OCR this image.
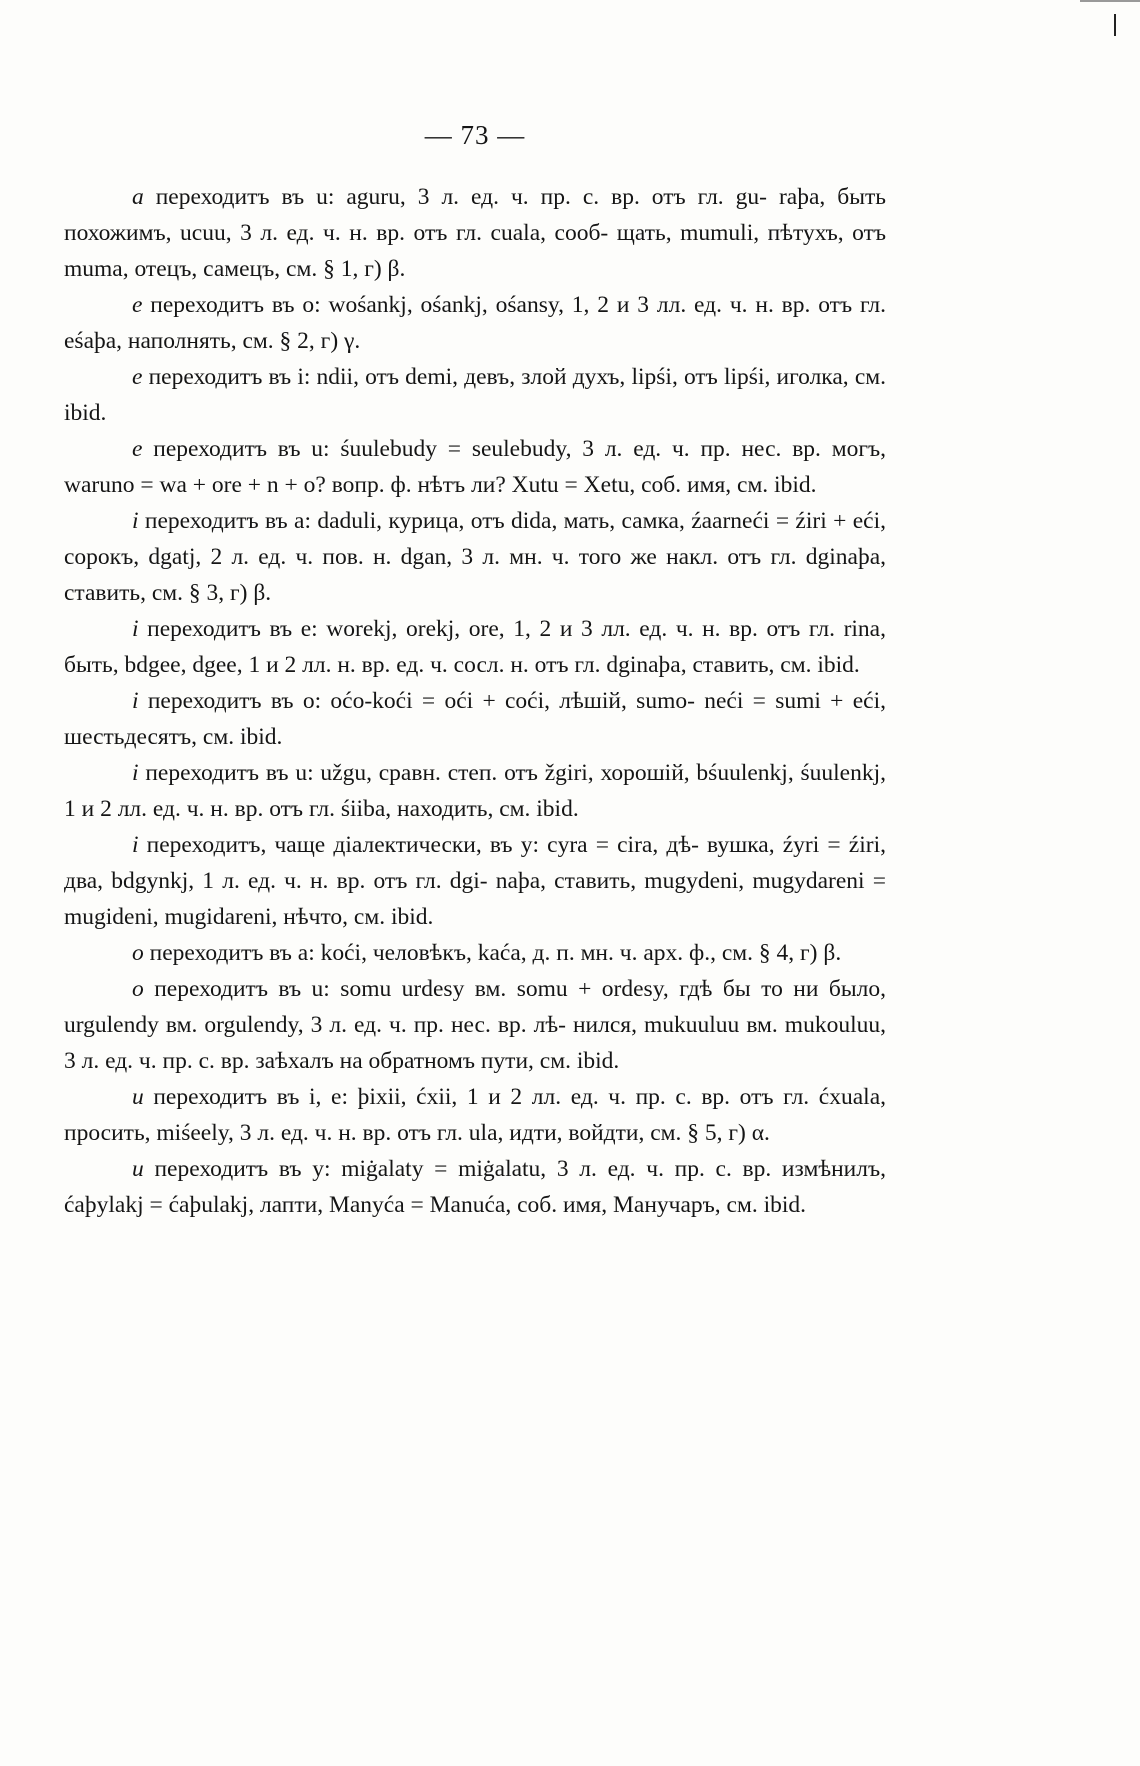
— 73 —

a переходитъ въ u: aguru, 3 л. ед. ч. пр. с. вр. отъ гл. gu- raþa, быть похожимъ, ucuu, 3 л. ед. ч. н. вр. отъ гл. cuala, сооб- щать, mumuli, пѣтухъ, отъ muma, отецъ, самецъ, см. § 1, г) β.

e переходитъ въ o: wośankj, ośankj, ośansy, 1, 2 и 3 лл. ед. ч. н. вр. отъ гл. eśaþa, наполнять, см. § 2, г) γ.

e переходитъ въ i: ndii, отъ demi, девъ, злой духъ, lipśi, отъ lipśi, иголка, см. ibid.

e переходитъ въ u: śuulebudy = seulebudy, 3 л. ед. ч. пр. нес. вр. могъ, waruno = wa + ore + n + o? вопр. ф. нѣтъ ли? Xutu = Xetu, соб. имя, см. ibid.

i переходитъ въ a: daduli, курица, отъ dida, мать, самка, źaarneći = źiri + eći, сорокъ, dgatj, 2 л. ед. ч. пов. н. dgan, 3 л. мн. ч. того же накл. отъ гл. dginaþa, ставить, см. § 3, г) β.

i переходитъ въ e: worekj, orekj, ore, 1, 2 и 3 лл. ед. ч. н. вр. отъ гл. rina, быть, bdgee, dgee, 1 и 2 лл. н. вр. ед. ч. сосл. н. отъ гл. dginaþa, ставить, см. ibid.

i переходитъ въ o: oćo-koći = oći + coći, лѣшій, sumo- neći = sumi + eći, шестьдесятъ, см. ibid.

i переходитъ въ u: užgu, сравн. степ. отъ žgiri, хорошій, bśuulenkj, śuulenkj, 1 и 2 лл. ед. ч. н. вр. отъ гл. śiiba, находить, см. ibid.

i переходитъ, чаще діалектически, въ y: cyra = cira, дѣ- вушка, źyri = źiri, два, bdgynkj, 1 л. ед. ч. н. вр. отъ гл. dgi- naþa, ставить, mugydeni, mugydareni = mugideni, mugidareni, нѣчто, см. ibid.

o переходитъ въ a: koći, человѣкъ, kaća, д. п. мн. ч. арх. ф., см. § 4, г) β.

o переходитъ въ u: somu urdesy вм. somu + ordesy, гдѣ бы то ни было, urgulendy вм. orgulendy, 3 л. ед. ч. пр. нес. вр. лѣ- нился, mukuuluu вм. mukouluu, 3 л. ед. ч. пр. с. вр. заѣхалъ на обратномъ пути, см. ibid.

u переходитъ въ i, e: þixii, ćxii, 1 и 2 лл. ед. ч. пр. с. вр. отъ гл. ćxuala, просить, miśeely, 3 л. ед. ч. н. вр. отъ гл. ula, идти, войдти, см. § 5, г) α.

u переходитъ въ y: miġalaty = miġalatu, 3 л. ед. ч. пр. с. вр. измѣнилъ, ćaþylakj = ćaþulakj, лапти, Manyća = Manuća, соб. имя, Манучаръ, см. ibid.
